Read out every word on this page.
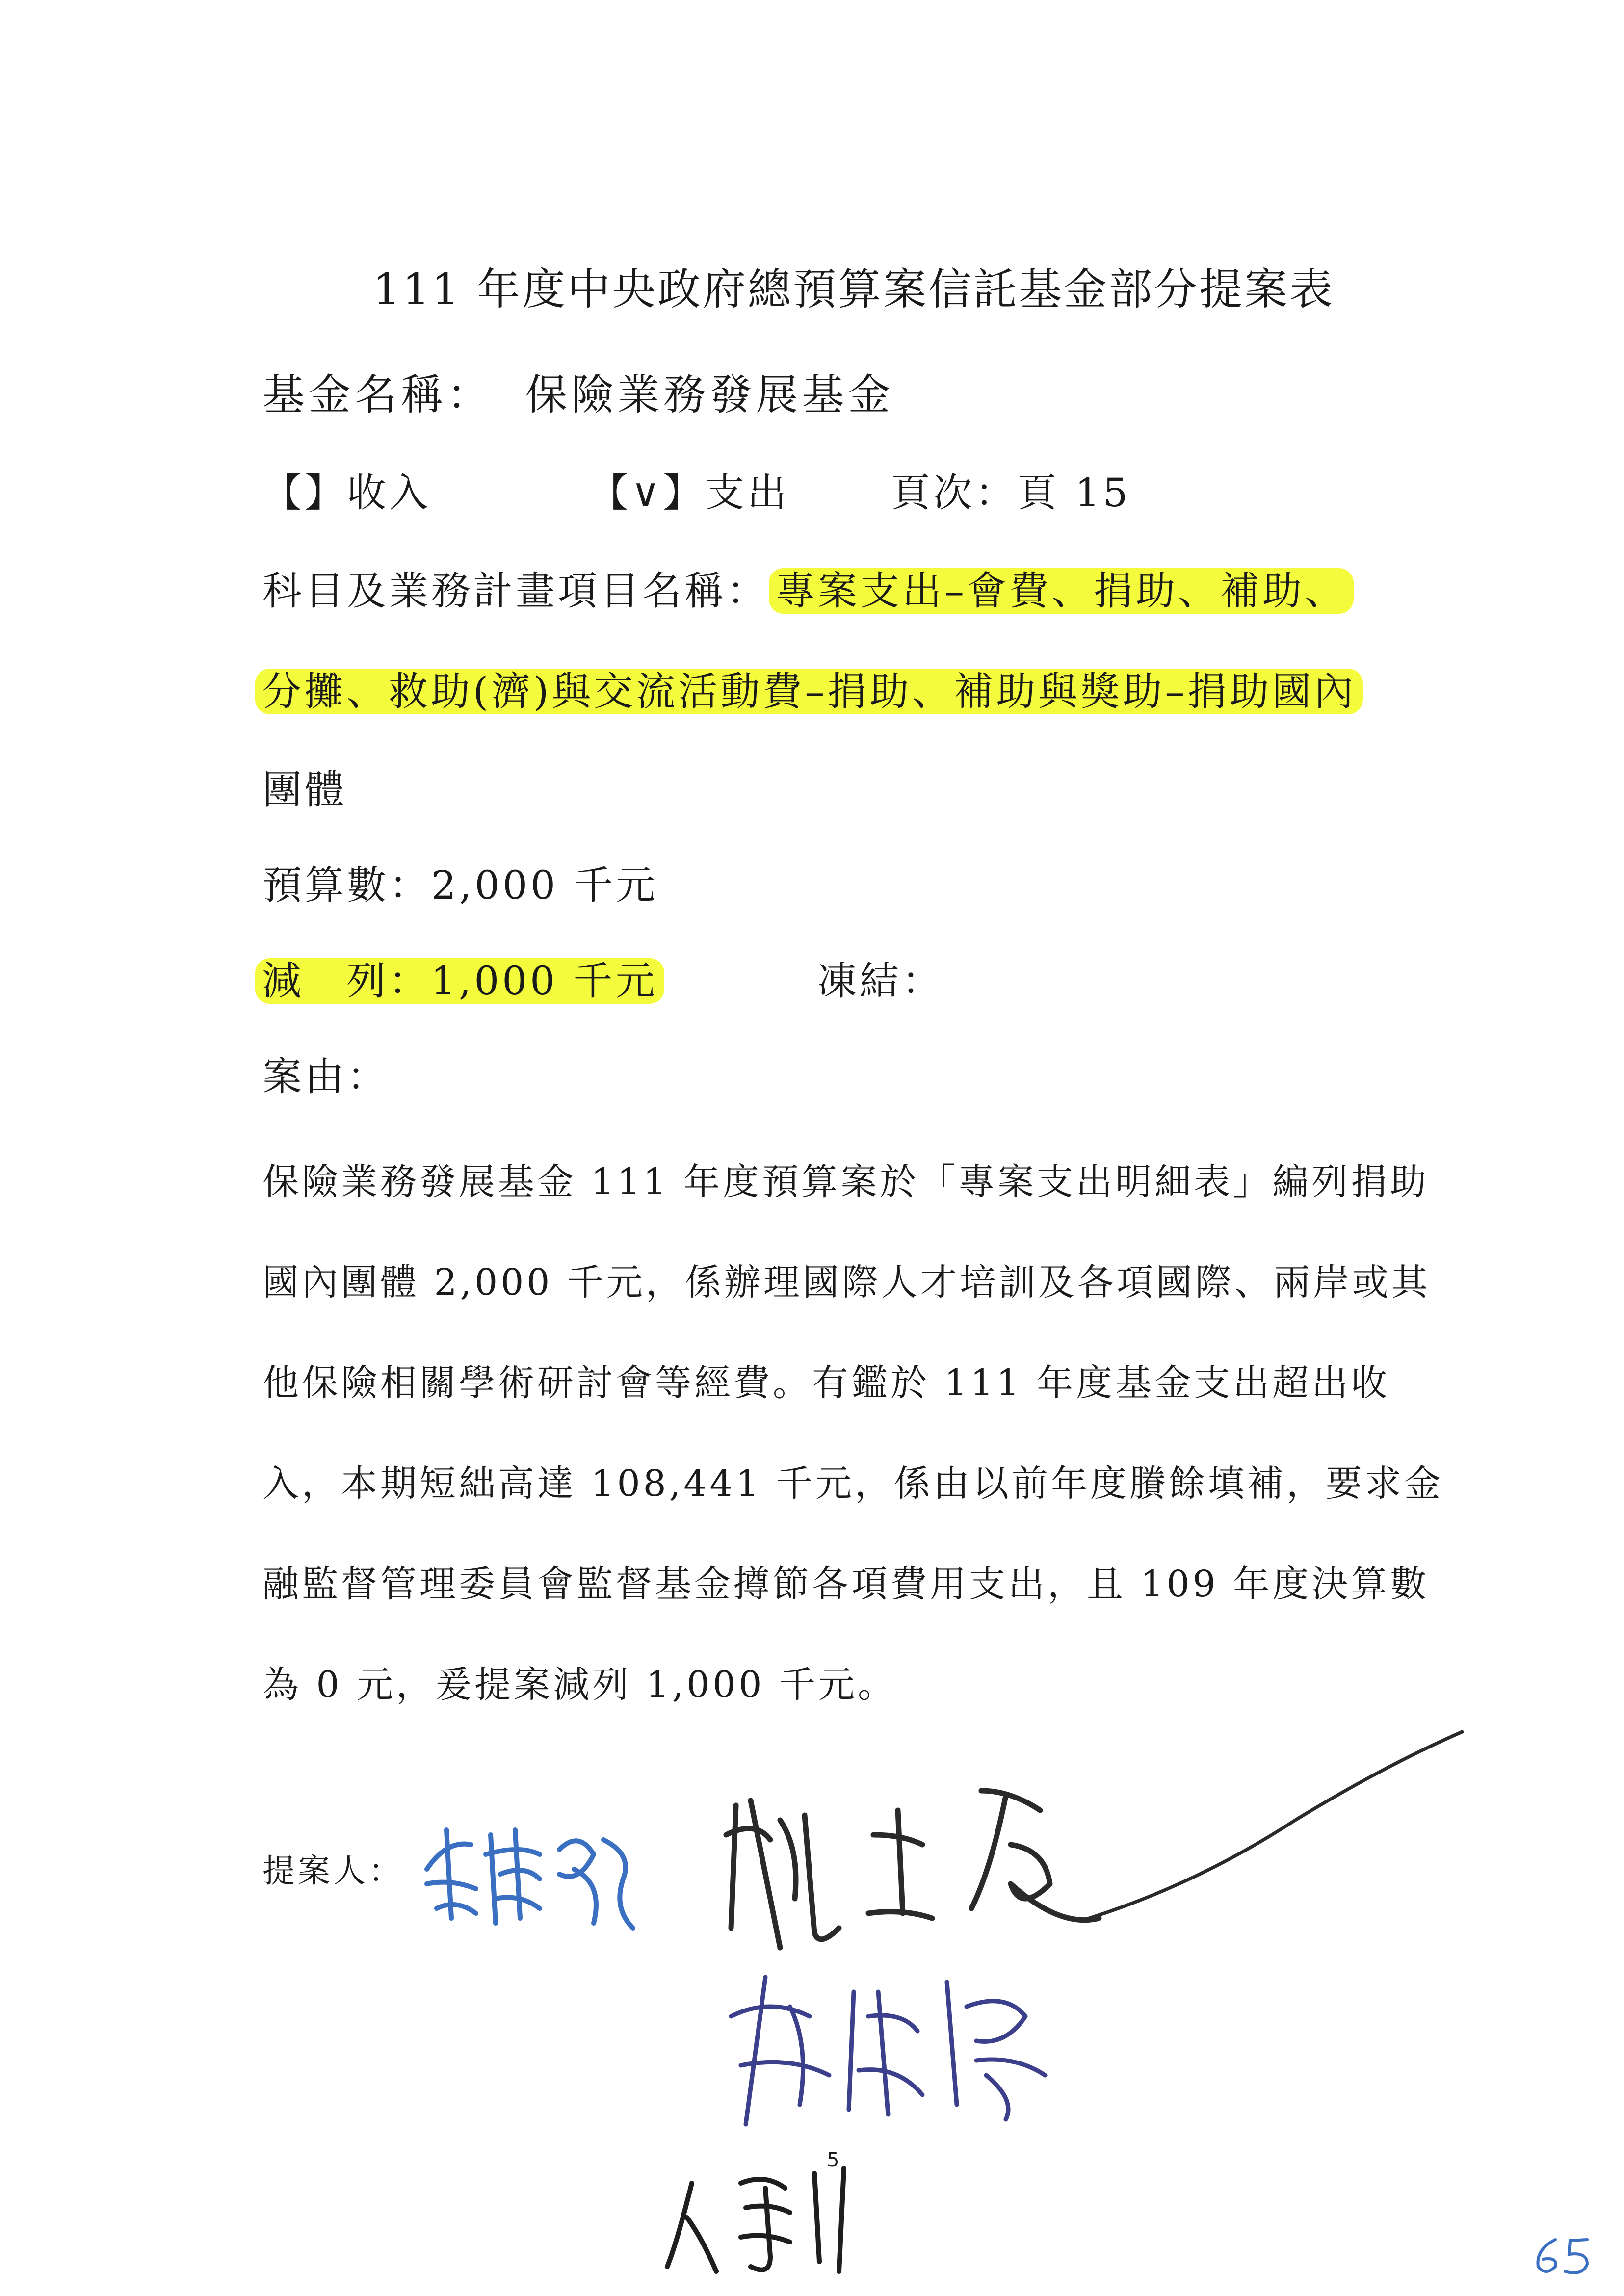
111 年度中央政府總預算案信託基金部分提案表
基金名稱： 保險業務發展基金
【】收入	【∨】支出	頁次：頁 15
科目及業務計畫項目名稱： 專案支出–會費、捐助、補助、
分攤、救助(濟)與交流活動費–捐助、補助與獎助–捐助國內
團體
預算數：2,000 千元
減　列：1,000 千元	凍結：
案由：
保險業務發展基金 111 年度預算案於「專案支出明細表」編列捐助
國內團體 2,000 千元，係辦理國際人才培訓及各項國際、兩岸或其
他保險相關學術研討會等經費。有鑑於 111 年度基金支出超出收
入，本期短絀高達 108,441 千元，係由以前年度賸餘填補，要求金
融監督管理委員會監督基金撙節各項費用支出，且 109 年度決算數
為 0 元，爰提案減列 1,000 千元。
提案人：
5
